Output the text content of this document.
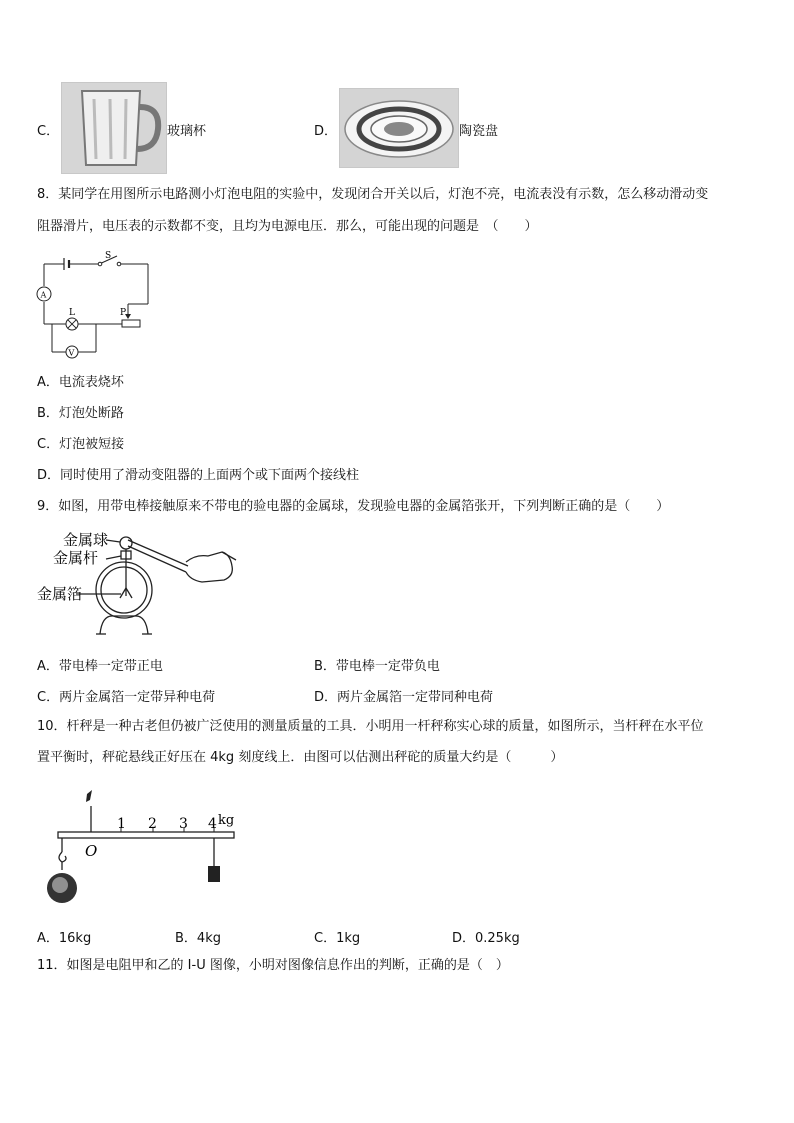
C．	玻璃杯	D．	陶瓷盘
8．某同学在用图所示电路测小灯泡电阻的实验中，发现闭合开关以后，灯泡不亮，电流表没有示数，怎么移动滑动变
阻器滑片，电压表的示数都不变，且均为电源电压．那么，可能出现的问题是　（　　）
S
A
L	P
V
A．电流表烧坏
B．灯泡处断路
C．灯泡被短接
D．同时使用了滑动变阻器的上面两个或下面两个接线柱
9．如图，用带电棒接触原来不带电的验电器的金属球，发现验电器的金属箔张开，下列判断正确的是（　　）
金属球
金属杆
金属箔
A．带电棒一定带正电	B．带电棒一定带负电
C．两片金属箔一定带异种电荷	D．两片金属箔一定带同种电荷
10．杆秤是一种古老但仍被广泛使用的测量质量的工具．小明用一杆秤称实心球的质量，如图所示，当杆秤在水平位
置平衡时，秤砣悬线正好压在 4kg 刻度线上．由图可以估测出秤砣的质量大约是（　　　）
O
1 2 3 4 kg
A．16kg	B．4kg	C．1kg	D．0.25kg
11．如图是电阻甲和乙的 I-U 图像，小明对图像信息作出的判断，正确的是（　）
